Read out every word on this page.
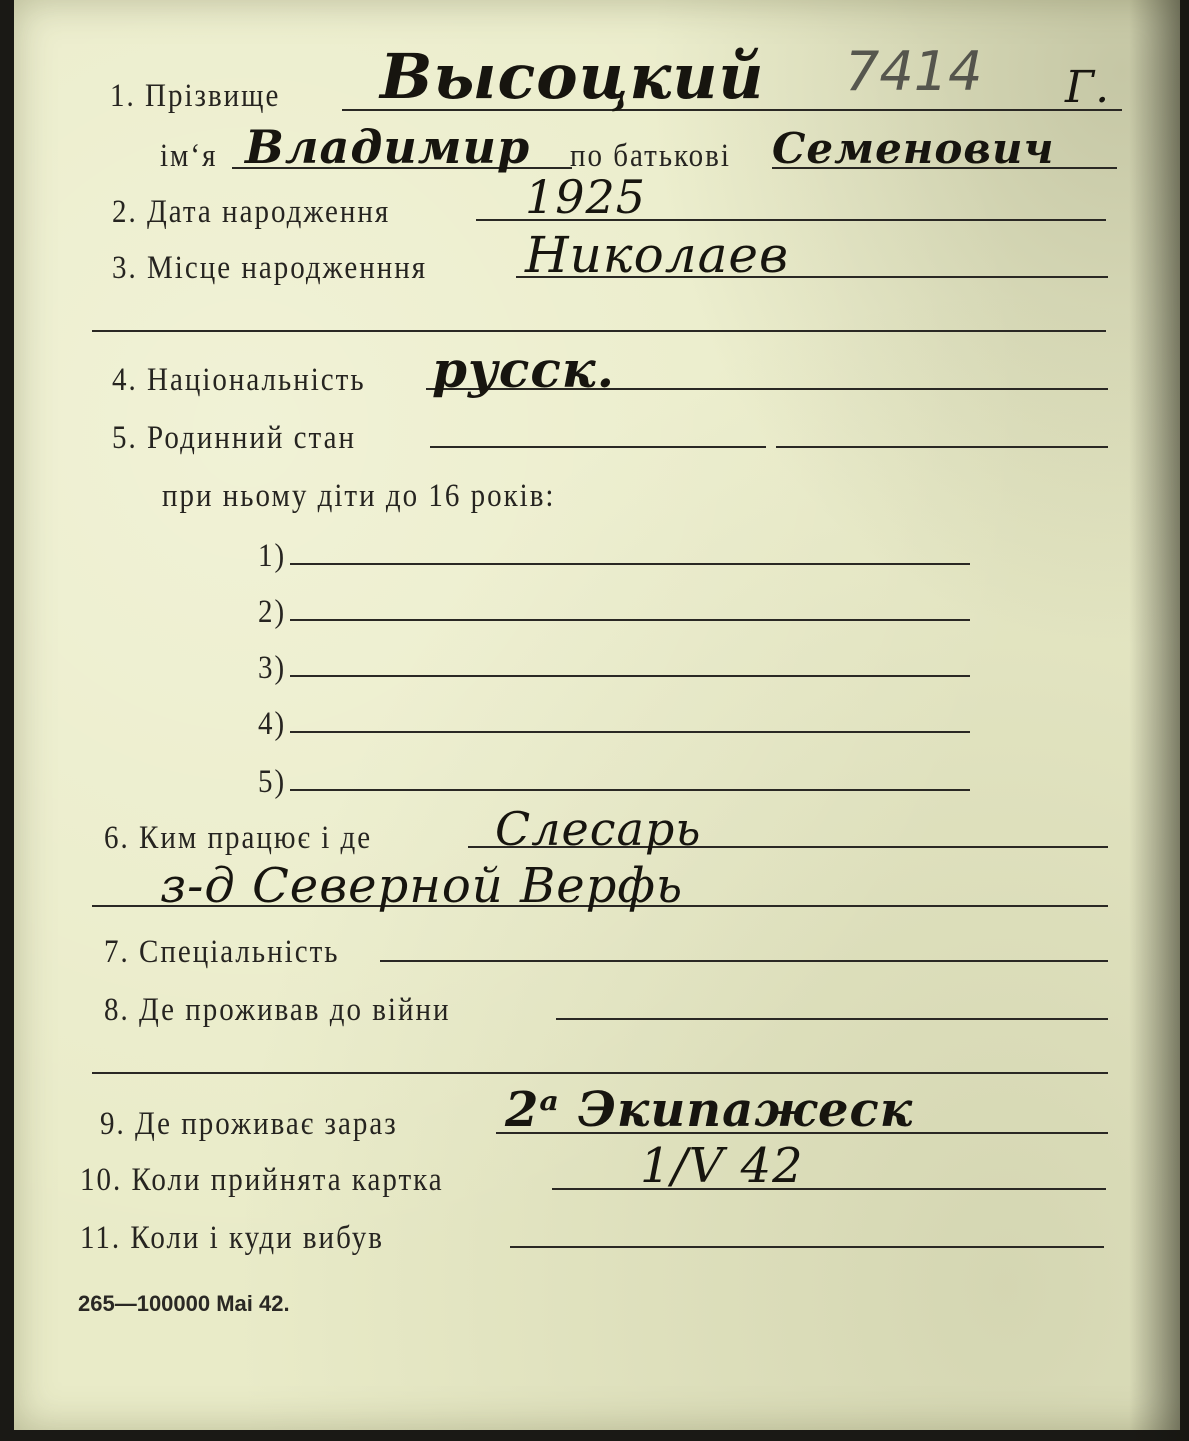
1. Прізвище Высоцкий 7414 Г.
ім‘я Владимир по батькові Семенович
2. Дата народження	1925
3. Місце народженння Николаев
4. Національність русск.
5. Родинний стан
при ньому діти до 16 років:
1)
2)
3)
4)
5)
6. Ким працює і де	Слесарь
з-д Северной Верфь
7. Спеціальність
8. Де проживав до війни
9. Де проживає зараз 2ᵃ Экипажеск
10. Коли прийнята картка	1/V 42
11. Коли і куди вибув
265—100000 Mai 42.
